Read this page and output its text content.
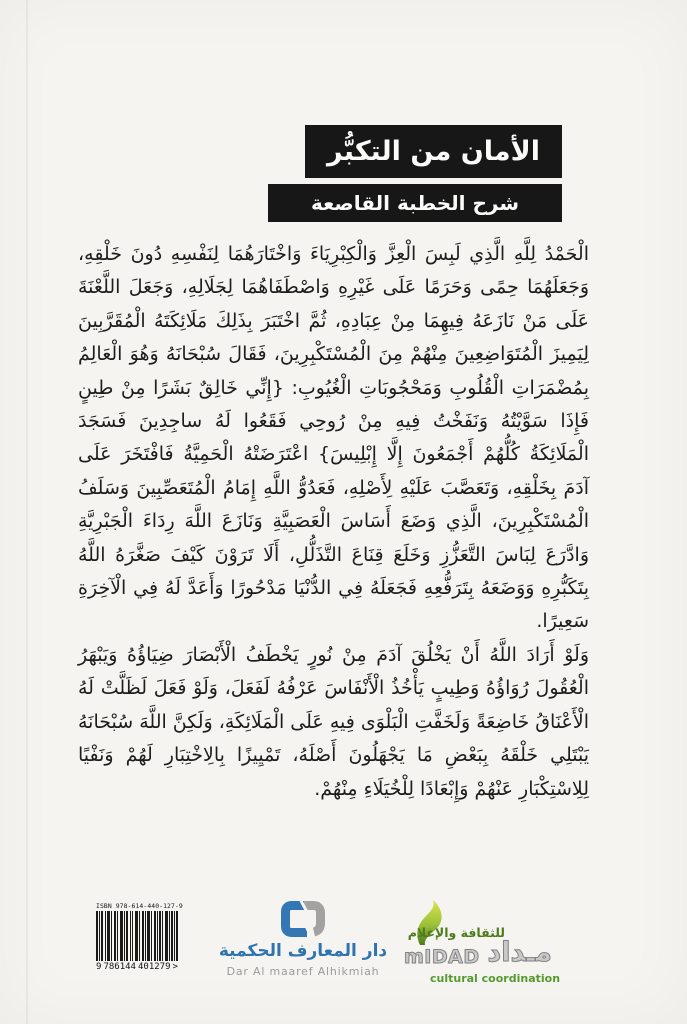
الأمان من التكبُّر
شرح الخطبة القاصعة

الْحَمْدُ لِلَّهِ الَّذِي لَبِسَ الْعِزَّ وَالْكِبْرِيَاءَ وَاخْتَارَهُمَا لِنَفْسِهِ دُونَ خَلْقِهِ، وَجَعَلَهُمَا حِمًى وَحَرَمًا عَلَى غَيْرِهِ وَاصْطَفَاهُمَا لِجَلَالِهِ، وَجَعَلَ اللَّعْنَةَ عَلَى مَنْ نَازَعَهُ فِيهِمَا مِنْ عِبَادِهِ، ثُمَّ اخْتَبَرَ بِذَلِكَ مَلَائِكَتَهُ الْمُقَرَّبِينَ لِيَمِيزَ الْمُتَوَاضِعِينَ مِنْهُمْ مِنَ الْمُسْتَكْبِرِينَ، فَقَالَ سُبْحَانَهُ وَهُوَ الْعَالِمُ بِمُضْمَرَاتِ الْقُلُوبِ وَمَحْجُوبَاتِ الْغُيُوبِ: {إِنِّي خَالِقٌ بَشَرًا مِنْ طِينٍ فَإِذَا سَوَّيْتُهُ وَنَفَخْتُ فِيهِ مِنْ رُوحِي فَقَعُوا لَهُ ساجِدِينَ فَسَجَدَ الْمَلَائِكَةُ كُلُّهُمْ أَجْمَعُونَ إِلَّا إِبْلِيسَ} اعْتَرَضَتْهُ الْحَمِيَّةُ فَافْتَخَرَ عَلَى آدَمَ بِخَلْقِهِ، وَتَعَصَّبَ عَلَيْهِ لِأَصْلِهِ، فَعَدُوُّ اللَّهِ إِمَامُ الْمُتَعَصِّبِينَ وَسَلَفُ الْمُسْتَكْبِرِينَ، الَّذِي وَضَعَ أَسَاسَ الْعَصَبِيَّةِ وَنَازَعَ اللَّهَ رِدَاءَ الْجَبْرِيَّةِ وَادَّرَعَ لِبَاسَ التَّعَزُّزِ وَخَلَعَ قِنَاعَ التَّذَلُّلِ، أَلَا تَرَوْنَ كَيْفَ صَغَّرَهُ اللَّهُ بِتَكَبُّرِهِ وَوَضَعَهُ بِتَرَفُّعِهِ فَجَعَلَهُ فِي الدُّنْيَا مَدْحُورًا وَأَعَدَّ لَهُ فِي الْآخِرَةِ سَعِيرًا.

وَلَوْ أَرَادَ اللَّهُ أَنْ يَخْلُقَ آدَمَ مِنْ نُورٍ يَخْطَفُ الْأَبْصَارَ ضِيَاؤُهُ وَيَبْهَرُ الْعُقُولَ رُوَاؤُهُ وَطِيبٍ يَأْخُذُ الْأَنْفَاسَ عَرْفُهُ لَفَعَلَ، وَلَوْ فَعَلَ لَظَلَّتْ لَهُ الْأَعْنَاقُ خَاضِعَةً وَلَخَفَّتِ الْبَلْوَى فِيهِ عَلَى الْمَلَائِكَةِ، وَلَكِنَّ اللَّهَ سُبْحَانَهُ يَبْتَلِي خَلْقَهُ بِبَعْضِ مَا يَجْهَلُونَ أَصْلَهُ، تَمْيِيزًا بِالِاخْتِبَارِ لَهُمْ وَنَفْيًا لِلِاسْتِكْبَارِ عَنْهُمْ وَإِبْعَادًا لِلْخُيَلَاءِ مِنْهُمْ.

ISBN 978-614-440-127-9
9 786144 401279 >
دار المعارف الحكمية
Dar Al maaref Alhikmiah
للثقافة والإعلام
مـداد
mIDAD
cultural coordination
